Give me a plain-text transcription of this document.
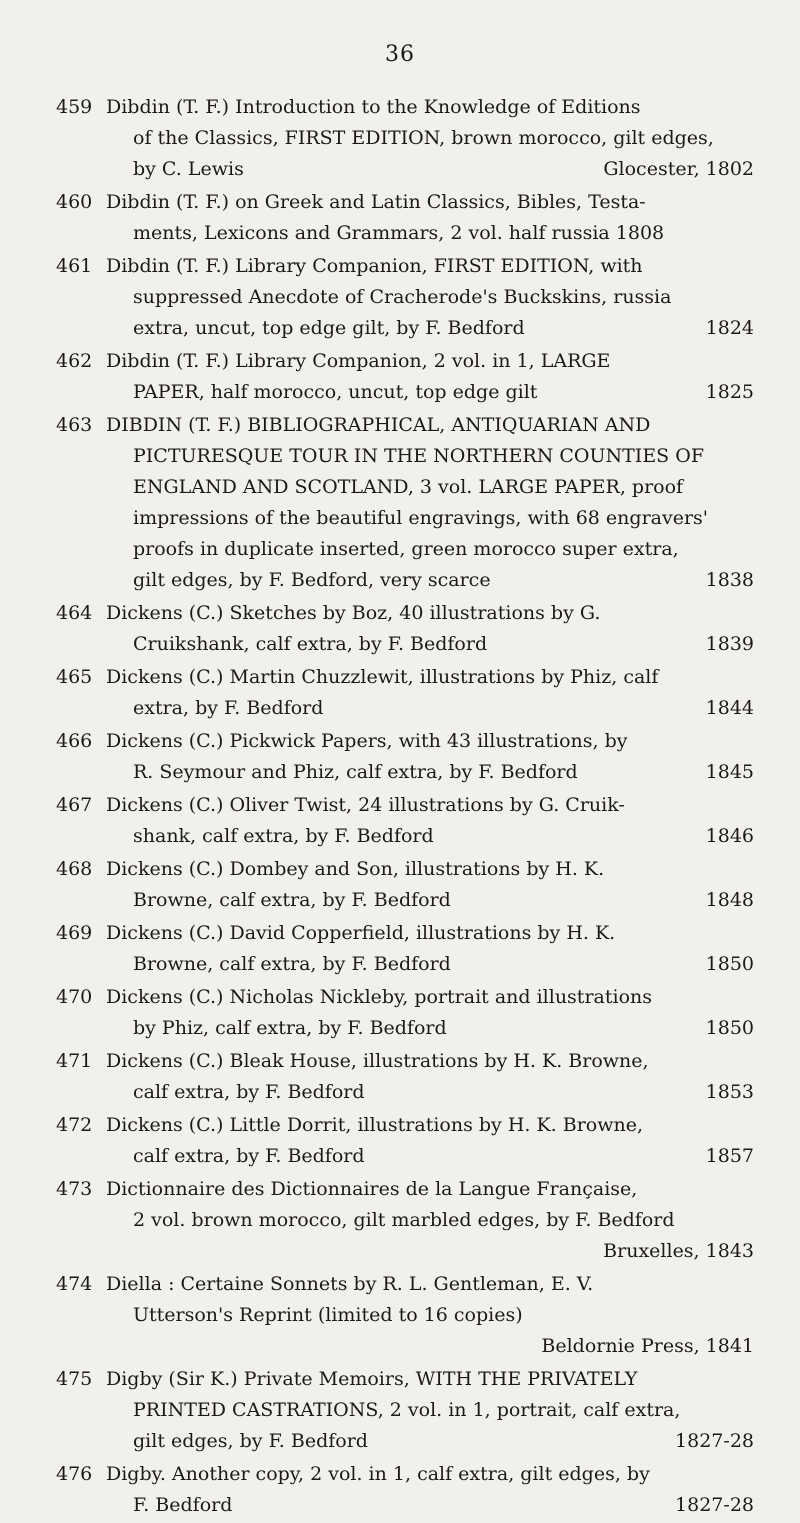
36
459 Dibdin (T. F.) Introduction to the Knowledge of Editions
of the Classics, FIRST EDITION, brown morocco, gilt edges,
by C. Lewis	Glocester, 1802
460 Dibdin (T. F.) on Greek and Latin Classics, Bibles, Testa-
ments, Lexicons and Grammars, 2 vol. half russia 1808
461 Dibdin (T. F.) Library Companion, FIRST EDITION, with
suppressed Anecdote of Cracherode's Buckskins, russia
extra, uncut, top edge gilt, by F. Bedford	1824
462 Dibdin (T. F.) Library Companion, 2 vol. in 1, LARGE
PAPER, half morocco, uncut, top edge gilt	1825
463 DIBDIN (T. F.) BIBLIOGRAPHICAL, ANTIQUARIAN AND
PICTURESQUE TOUR IN THE NORTHERN COUNTIES OF
ENGLAND AND SCOTLAND, 3 vol. LARGE PAPER, proof
impressions of the beautiful engravings, with 68 engravers'
proofs in duplicate inserted, green morocco super extra,
gilt edges, by F. Bedford, very scarce	1838
464 Dickens (C.) Sketches by Boz, 40 illustrations by G.
Cruikshank, calf extra, by F. Bedford	1839
465 Dickens (C.) Martin Chuzzlewit, illustrations by Phiz, calf
extra, by F. Bedford	1844
466 Dickens (C.) Pickwick Papers, with 43 illustrations, by
R. Seymour and Phiz, calf extra, by F. Bedford	1845
467 Dickens (C.) Oliver Twist, 24 illustrations by G. Cruik-
shank, calf extra, by F. Bedford	1846
468 Dickens (C.) Dombey and Son, illustrations by H. K.
Browne, calf extra, by F. Bedford	1848
469 Dickens (C.) David Copperfield, illustrations by H. K.
Browne, calf extra, by F. Bedford	1850
470 Dickens (C.) Nicholas Nickleby, portrait and illustrations
by Phiz, calf extra, by F. Bedford	1850
471 Dickens (C.) Bleak House, illustrations by H. K. Browne,
calf extra, by F. Bedford	1853
472 Dickens (C.) Little Dorrit, illustrations by H. K. Browne,
calf extra, by F. Bedford	1857
473 Dictionnaire des Dictionnaires de la Langue Française,
2 vol. brown morocco, gilt marbled edges, by F. Bedford
Bruxelles, 1843
474 Diella : Certaine Sonnets by R. L. Gentleman, E. V.
Utterson's Reprint (limited to 16 copies)
Beldornie Press, 1841
475 Digby (Sir K.) Private Memoirs, WITH THE PRIVATELY
PRINTED CASTRATIONS, 2 vol. in 1, portrait, calf extra,
gilt edges, by F. Bedford	1827-28
476 Digby. Another copy, 2 vol. in 1, calf extra, gilt edges, by
F. Bedford	1827-28
